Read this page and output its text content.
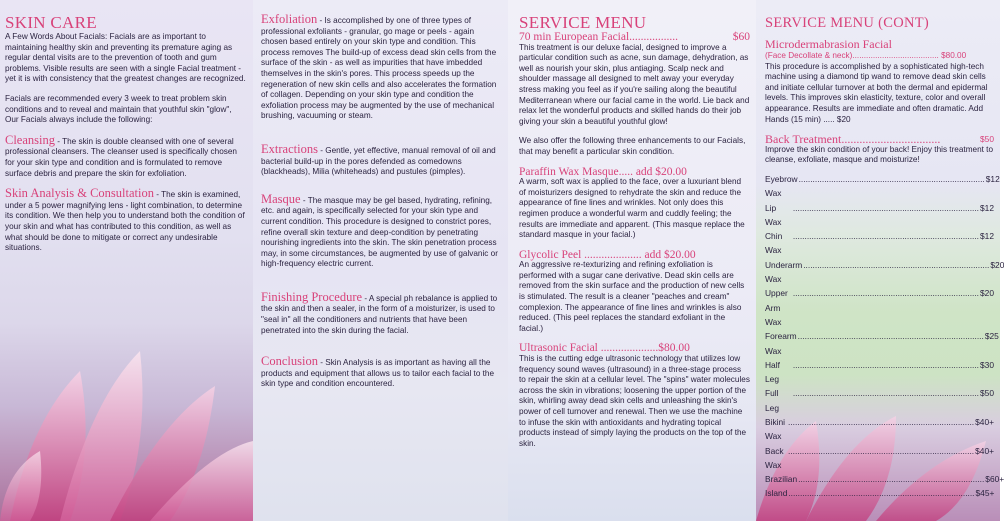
SKIN CARE

A Few Words About Facials: Facials are as important to maintaining healthy skin and preventing its premature aging as regular dental visits are to the prevention of tooth and gum problems. Visible results are seen with a single Facial treatment - yet it is with consistency that the greatest changes are recognized.

Facials are recommended every 3 week to treat problem skin conditions and to reveal and maintain that youthful skin "glow", Our Facials always include the following:

Cleansing - The skin is double cleansed with one of several professional cleansers. The cleanser used is specifically chosen for your skin type and condition and is formulated to remove surface debris and prepare the skin for exfoliation.

Skin Analysis & Consultation - The skin is examined, under a 5 power magnifying lens - light combination, to determine its condition. We then help you to understand both the condition of your skin and what has contributed to this condition, as well as what should be done to mitigate or correct any undesirable situations.

Exfoliation - Is accomplished by one of three types of professional exfoliants - granular, go mage or peels - again chosen based entirely on your skin type and condition. This process removes The build-up of excess dead skin cells from the surface of the skin - as well as impurities that have imbedded themselves in the skin's pores. This process speeds up the regeneration of new skin cells and also accelerates the formation of collagen. Depending on your skin type and condition the exfoliation process may be augmented by the use of mechanical brushing, vacuuming or steam.

Extractions - Gentle, yet effective, manual removal of oil and bacterial build-up in the pores defended as comedowns (blackheads), Milia (whiteheads) and pustules (pimples).

Masque - The masque may be gel based, hydrating, refining, etc. and again, is specifically selected for your skin type and current condition. This procedure is designed to constrict pores, refine overall skin texture and deep-condition by penetrating nourishing ingredients into the skin. The skin penetration process may, in some circumstances, be augmented by use of galvanic or high-frequency electric current.

Finishing Procedure - A special ph rebalance is applied to the skin and then a sealer, in the form of a moisturizer, is used to "seal in" all the conditioners and nutrients that have been penetrated into the skin during the facial.

Conclusion - Skin Analysis is as important as having all the products and equipment that allows us to tailor each facial to the skin type and condition encountered.

SERVICE MENU
70 min European Facial.................	$60

This treatment is our deluxe facial, designed to improve a particular condition such as acne, sun damage, dehydration, as well as nourish your skin, plus antiaging. Scalp neck and shoulder massage all designed to melt away your everyday stress making you feel as if you're sailing along the beautiful Mediterranean where our facial came in the world. Lie back and relax let the wonderful products and skilled hands do their job giving your skin a beautiful youthful glow!

We also offer the following three enhancements to our Facials, that may benefit a particular skin condition.

Paraffin Wax Masque..... add $20.00

A warm, soft wax is applied to the face, over a luxuriant blend of moisturizers designed to rehydrate the skin and reduce the appearance of fine lines and wrinkles. Not only does this regimen produce a wonderful warm and cuddly feeling; the results are immediate and apparent. (This masque replace the standard masque in your facial.)

Glycolic Peel .................... add $20.00

An aggressive re-texturizing and refining exfoliation is performed with a sugar cane derivative. Dead skin cells are removed from the skin surface and the production of new cells is stimulated. The result is a cleaner "peaches and cream" complexion. The appearance of fine lines and wrinkles is also reduced. (This peel replaces the standard exfoliant in the facial.)

Ultrasonic Facial ....................$80.00

This is the cutting edge ultrasonic technology that utilizes low frequency sound waves (ultrasound) in a three-stage process to repair the skin at a cellular level. The "spins" water molecules across the skin in vibrations; loosening the upper portion of the skin, whirling away dead skin cells and unleashing the skin's power of cell turnover and renewal. Then we use the machine to infuse the skin with antioxidants and hydrating topical products instead of simply laying the products on the top of the skin.

SERVICE MENU (CONT)
Microdermabrasion Facial
(Face Decollate & neck)...................................... $80.00

This procedure is accomplished by a sophisticated high-tech machine using a diamond tip wand to remove dead skin cells and initiate cellular turnover at both the dermal and epidermal levels. This improves skin elasticity, texture, color and overall appearance. Results are immediate and often dramatic. Add Hands (15 min) ..... $20

Back Treatment.................................	$50

Improve the skin condition of your back! Enjoy this treatment to cleanse, exfoliate, masque and moisturize!

Eyebrow Wax
................................................................................ $12
Lip Wax
................................................................................ $12
Chin Wax
................................................................................ $12
Underarm Wax
................................................................................ $20
Upper Arm Wax
................................................................................ $20
Forearm Wax
................................................................................ $25
Half Leg
................................................................................ $30
Full Leg
................................................................................ $50
Bikini Wax
................................................................................ $40+
Back Wax
................................................................................ $40+
Brazilian ................................................................................ $60+
Island ................................................................................ $45+
